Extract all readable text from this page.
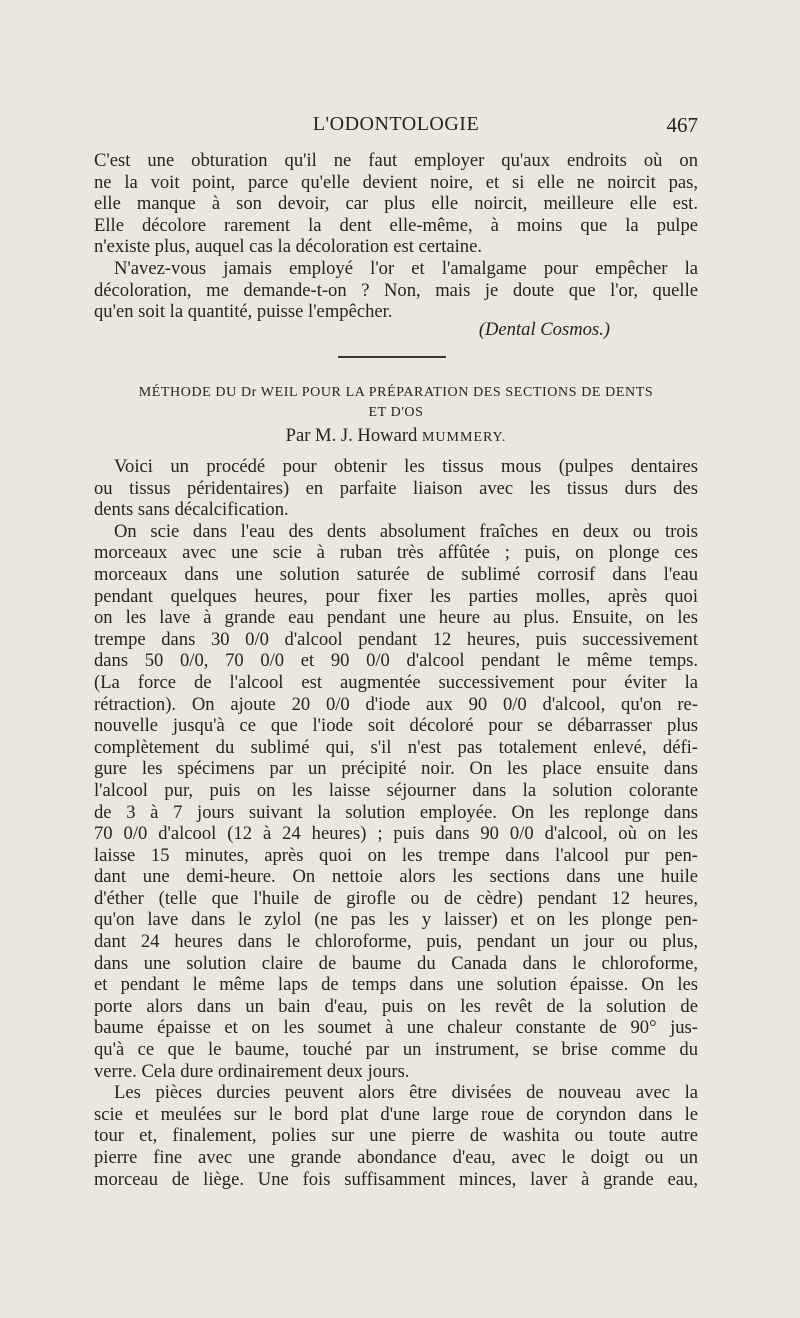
L'ODONTOLOGIE	467
C'est une obturation qu'il ne faut employer qu'aux endroits où on
ne la voit point, parce qu'elle devient noire, et si elle ne noircit pas,
elle manque à son devoir, car plus elle noircit, meilleure elle est.
Elle décolore rarement la dent elle-même, à moins que la pulpe
n'existe plus, auquel cas la décoloration est certaine.
N'avez-vous jamais employé l'or et l'amalgame pour empêcher la
décoloration, me demande-t-on ? Non, mais je doute que l'or, quelle
qu'en soit la quantité, puisse l'empêcher.
(Dental Cosmos.)
MÉTHODE DU Dr WEIL POUR LA PRÉPARATION DES SECTIONS DE DENTS
ET D'OS
Par M. J. Howard MUMMERY.
Voici un procédé pour obtenir les tissus mous (pulpes dentaires
ou tissus péridentaires) en parfaite liaison avec les tissus durs des
dents sans décalcification.
On scie dans l'eau des dents absolument fraîches en deux ou trois
morceaux avec une scie à ruban très affûtée ; puis, on plonge ces
morceaux dans une solution saturée de sublimé corrosif dans l'eau
pendant quelques heures, pour fixer les parties molles, après quoi
on les lave à grande eau pendant une heure au plus. Ensuite, on les
trempe dans 30 0/0 d'alcool pendant 12 heures, puis successivement
dans 50 0/0, 70 0/0 et 90 0/0 d'alcool pendant le même temps.
(La force de l'alcool est augmentée successivement pour éviter la
rétraction). On ajoute 20 0/0 d'iode aux 90 0/0 d'alcool, qu'on re-
nouvelle jusqu'à ce que l'iode soit décoloré pour se débarrasser plus
complètement du sublimé qui, s'il n'est pas totalement enlevé, défi-
gure les spécimens par un précipité noir. On les place ensuite dans
l'alcool pur, puis on les laisse séjourner dans la solution colorante
de 3 à 7 jours suivant la solution employée. On les replonge dans
70 0/0 d'alcool (12 à 24 heures) ; puis dans 90 0/0 d'alcool, où on les
laisse 15 minutes, après quoi on les trempe dans l'alcool pur pen-
dant une demi-heure. On nettoie alors les sections dans une huile
d'éther (telle que l'huile de girofle ou de cèdre) pendant 12 heures,
qu'on lave dans le zylol (ne pas les y laisser) et on les plonge pen-
dant 24 heures dans le chloroforme, puis, pendant un jour ou plus,
dans une solution claire de baume du Canada dans le chloroforme,
et pendant le même laps de temps dans une solution épaisse. On les
porte alors dans un bain d'eau, puis on les revêt de la solution de
baume épaisse et on les soumet à une chaleur constante de 90° jus-
qu'à ce que le baume, touché par un instrument, se brise comme du
verre. Cela dure ordinairement deux jours.
Les pièces durcies peuvent alors être divisées de nouveau avec la
scie et meulées sur le bord plat d'une large roue de coryndon dans le
tour et, finalement, polies sur une pierre de washita ou toute autre
pierre fine avec une grande abondance d'eau, avec le doigt ou un
morceau de liège. Une fois suffisamment minces, laver à grande eau,
